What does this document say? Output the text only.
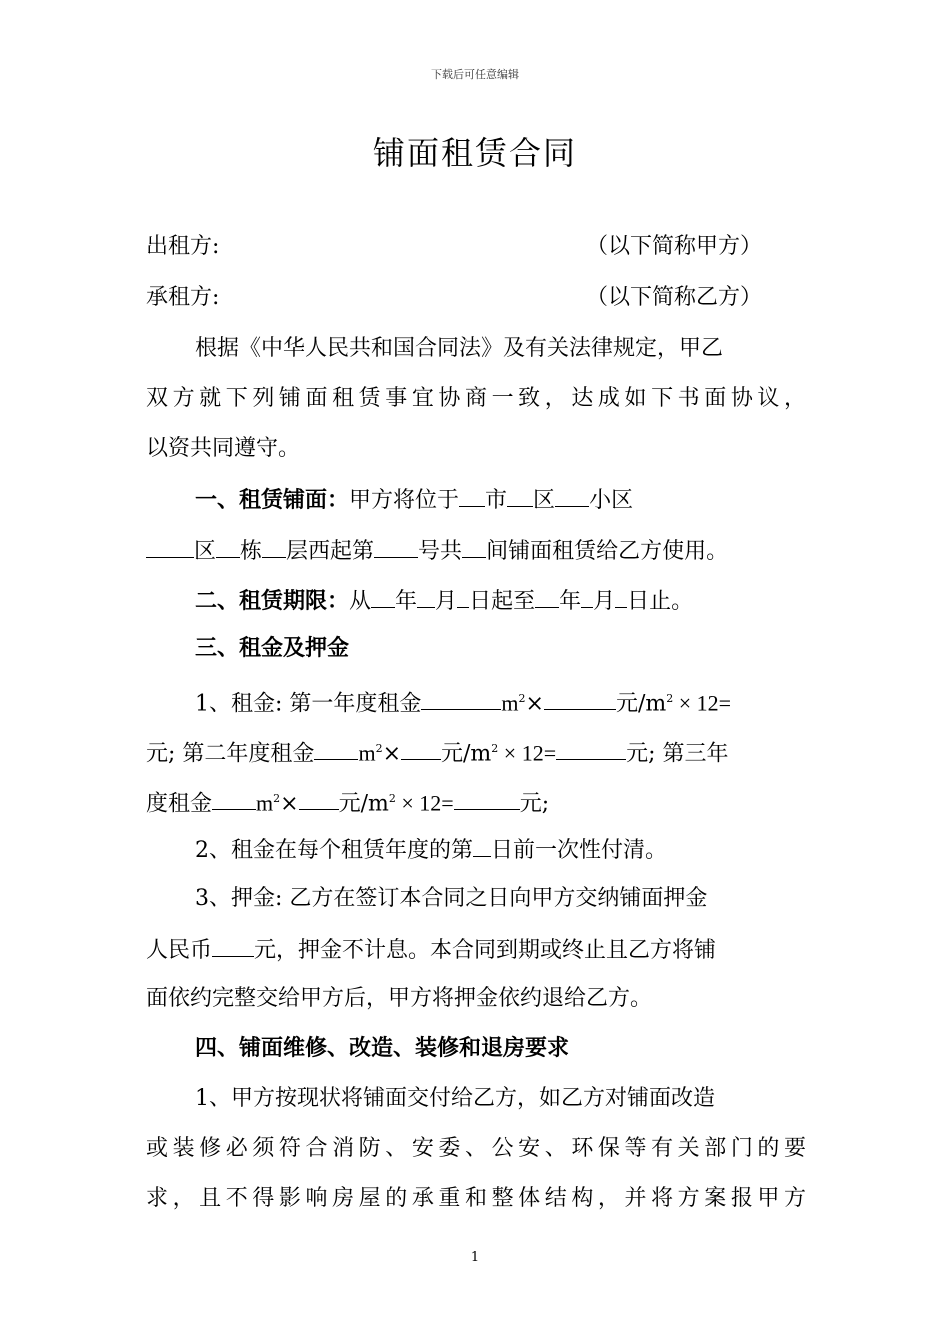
下载后可任意编辑
铺面租赁合同
出租方:	（以下简称甲方）
承租方:	（以下简称乙方）
根据《中华人民共和国合同法》及有关法律规定，甲乙
双方就下列铺面租赁事宜协商一致，达成如下书面协议，
以资共同遵守。
一、租赁铺面：甲方将位于 市 区 小区
区 栋 层西起第 号共 间铺面租赁给乙方使用。
二、租赁期限：从 年 月 日起至 年 月 日止。
三、租金及押金
1、租金: 第一年度租金	$m^2\times$	元$/m^2 \times 12=$
元; 第二年度租金 $m^2\times$ 元$/m^2 \times 12=$	元; 第三年
度租金 $m^2\times$ 元$/m^2 \times 12=$	元;
2、租金在每个租赁年度的第 日前一次性付清。
3、押金: 乙方在签订本合同之日向甲方交纳铺面押金
人民币 元，押金不计息。本合同到期或终止且乙方将铺
面依约完整交给甲方后，甲方将押金依约退给乙方。
四、铺面维修、改造、装修和退房要求
1、甲方按现状将铺面交付给乙方，如乙方对铺面改造
或装修必须符合消防、安委、公安、环保等有关部门的要
求，且不得影响房屋的承重和整体结构，并将方案报甲方
1
